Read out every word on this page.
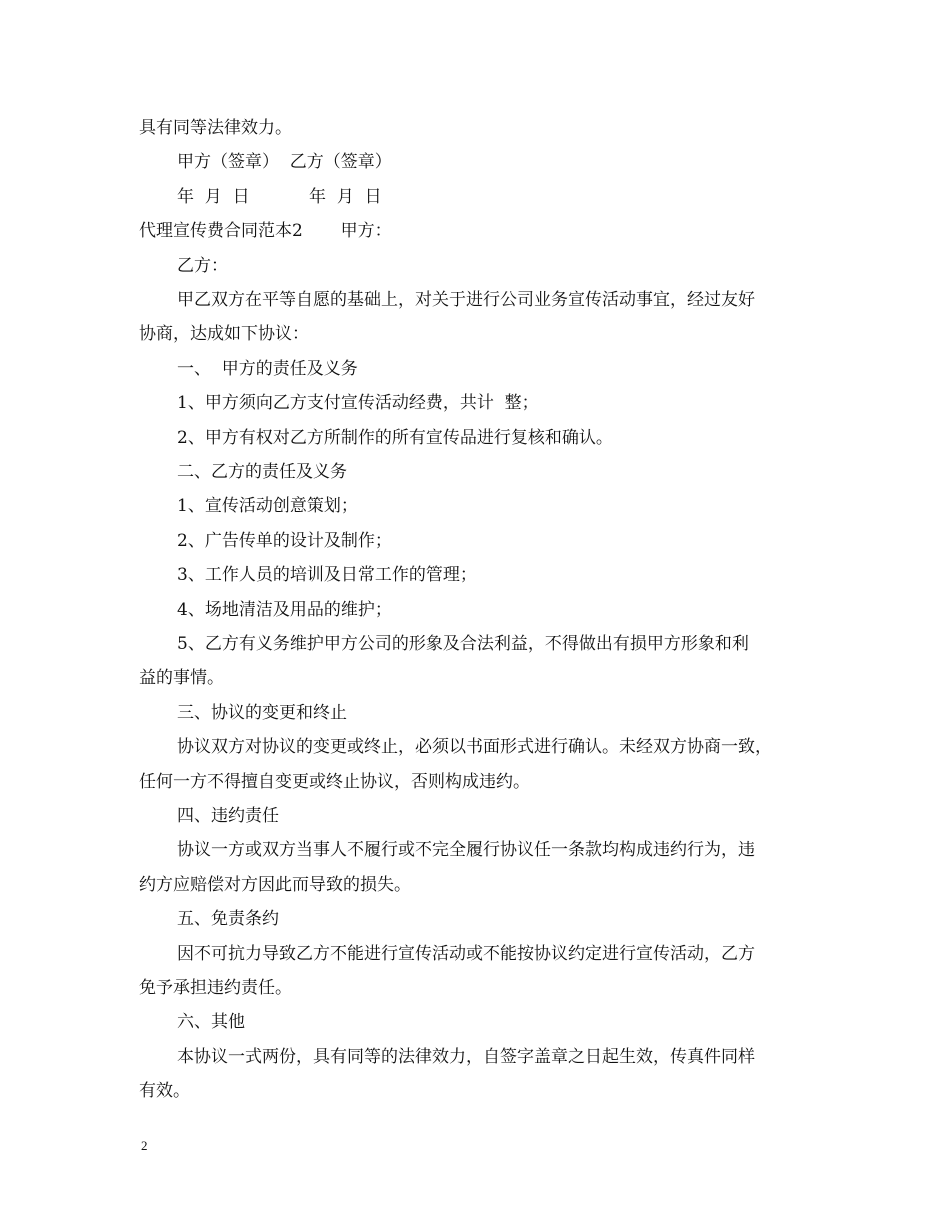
具有同等法律效力。
甲方（签章）  乙方（签章）
年  月  日           年  月  日
代理宣传费合同范本2       甲方：
乙方：
甲乙双方在平等自愿的基础上，对关于进行公司业务宣传活动事宜，经过友好
协商，达成如下协议：
一、  甲方的责任及义务
1、甲方须向乙方支付宣传活动经费，共计  整；
2、甲方有权对乙方所制作的所有宣传品进行复核和确认。
二、乙方的责任及义务
1、宣传活动创意策划；
2、广告传单的设计及制作；
3、工作人员的培训及日常工作的管理；
4、场地清洁及用品的维护；
5、乙方有义务维护甲方公司的形象及合法利益，不得做出有损甲方形象和利
益的事情。
三、协议的变更和终止
协议双方对协议的变更或终止，必须以书面形式进行确认。未经双方协商一致，
任何一方不得擅自变更或终止协议，否则构成违约。
四、违约责任
协议一方或双方当事人不履行或不完全履行协议任一条款均构成违约行为，违
约方应赔偿对方因此而导致的损失。
五、免责条约
因不可抗力导致乙方不能进行宣传活动或不能按协议约定进行宣传活动，乙方
免予承担违约责任。
六、其他
本协议一式两份，具有同等的法律效力，自签字盖章之日起生效，传真件同样
有效。
2
